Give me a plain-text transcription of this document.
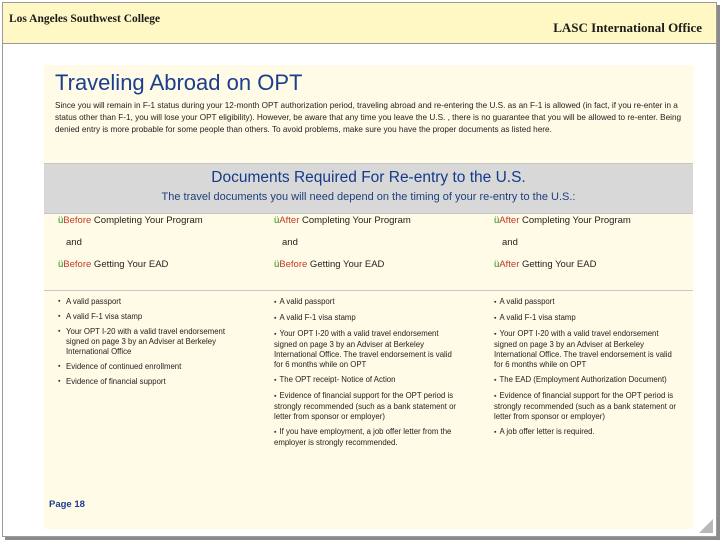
Los Angeles Southwest College
LASC International Office
Traveling Abroad on OPT
Since you will remain in F-1 status during your 12-month OPT authorization period, traveling abroad and re-entering the U.S. as an F-1 is allowed (in fact, if you re-enter in a status other than F-1, you will lose your OPT eligibility). However, be aware that any time you leave the U.S. , there is no guarantee that you will be allowed to re-enter. Being denied entry is more probable for some people than others. To avoid problems, make sure you have the proper documents as listed here.
Documents Required For Re-entry to the U.S.
The travel documents you will need depend on the timing of your re-entry to the U.S.:
üBefore Completing Your Program
and
üBefore Getting Your EAD
üAfter Completing Your Program
and
üBefore Getting Your EAD
üAfter Completing Your Program
and
üAfter Getting Your EAD
▪ A valid passport
▪ A valid F-1 visa stamp
▪ Your OPT I-20 with a valid travel endorsement signed on page 3 by an Adviser at Berkeley International Office
▪ Evidence of continued enrollment
▪ Evidence of financial support
▪ A valid passport
▪ A valid F-1 visa stamp
▪ Your OPT I-20 with a valid travel endorsement signed on page 3 by an Adviser at Berkeley International Office. The travel endorsement is valid for 6 months while on OPT
▪ The OPT receipt- Notice of Action
▪ Evidence of financial support for the OPT period is strongly recommended (such as a bank statement or letter from sponsor or employer)
▪ If you have employment, a job offer letter from the employer is strongly recommended.
▪ A valid passport
▪ A valid F-1 visa stamp
▪ Your OPT I-20 with a valid travel endorsement signed on page 3 by an Adviser at Berkeley International Office. The travel endorsement is valid for 6 months while on OPT
▪ The EAD (Employment Authorization Document)
▪ Evidence of financial support for the OPT period is strongly recommended (such as a bank statement or letter from sponsor or employer)
▪ A job offer letter is required.
Page 18
